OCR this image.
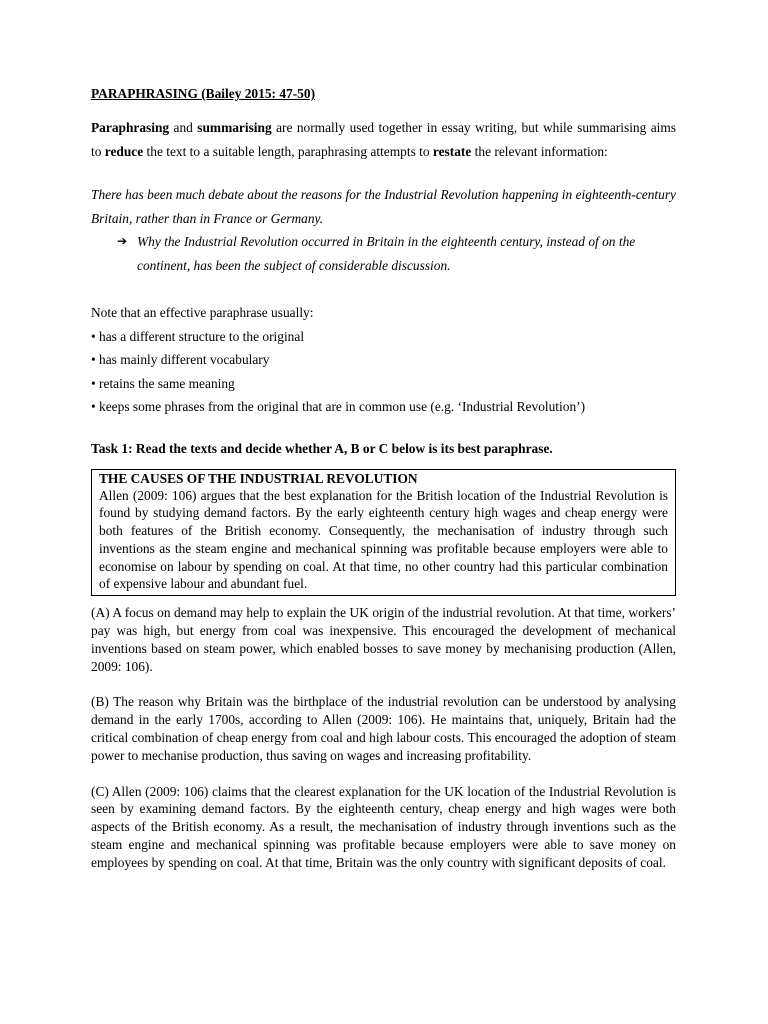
PARAPHRASING (Bailey 2015: 47-50)

Paraphrasing and summarising are normally used together in essay writing, but while summarising aims to reduce the text to a suitable length, paraphrasing attempts to restate the relevant information:

There has been much debate about the reasons for the Industrial Revolution happening in eighteenth-century Britain, rather than in France or Germany.

➔ Why the Industrial Revolution occurred in Britain in the eighteenth century, instead of on the continent, has been the subject of considerable discussion.
Note that an effective paraphrase usually:
• has a different structure to the original
• has mainly different vocabulary
• retains the same meaning
• keeps some phrases from the original that are in common use (e.g. ‘Industrial Revolution’)
Task 1: Read the texts and decide whether A, B or C below is its best paraphrase.
THE CAUSES OF THE INDUSTRIAL REVOLUTION

Allen (2009: 106) argues that the best explanation for the British location of the Industrial Revolution is found by studying demand factors. By the early eighteenth century high wages and cheap energy were both features of the British economy. Consequently, the mechanisation of industry through such inventions as the steam engine and mechanical spinning was profitable because employers were able to economise on labour by spending on coal. At that time, no other country had this particular combination of expensive labour and abundant fuel.

(A) A focus on demand may help to explain the UK origin of the industrial revolution. At that time, workers’ pay was high, but energy from coal was inexpensive. This encouraged the development of mechanical inventions based on steam power, which enabled bosses to save money by mechanising production (Allen, 2009: 106).

(B) The reason why Britain was the birthplace of the industrial revolution can be understood by analysing demand in the early 1700s, according to Allen (2009: 106). He maintains that, uniquely, Britain had the critical combination of cheap energy from coal and high labour costs. This encouraged the adoption of steam power to mechanise production, thus saving on wages and increasing profitability.

(C) Allen (2009: 106) claims that the clearest explanation for the UK location of the Industrial Revolution is seen by examining demand factors. By the eighteenth century, cheap energy and high wages were both aspects of the British economy. As a result, the mechanisation of industry through inventions such as the steam engine and mechanical spinning was profitable because employers were able to save money on employees by spending on coal. At that time, Britain was the only country with significant deposits of coal.
